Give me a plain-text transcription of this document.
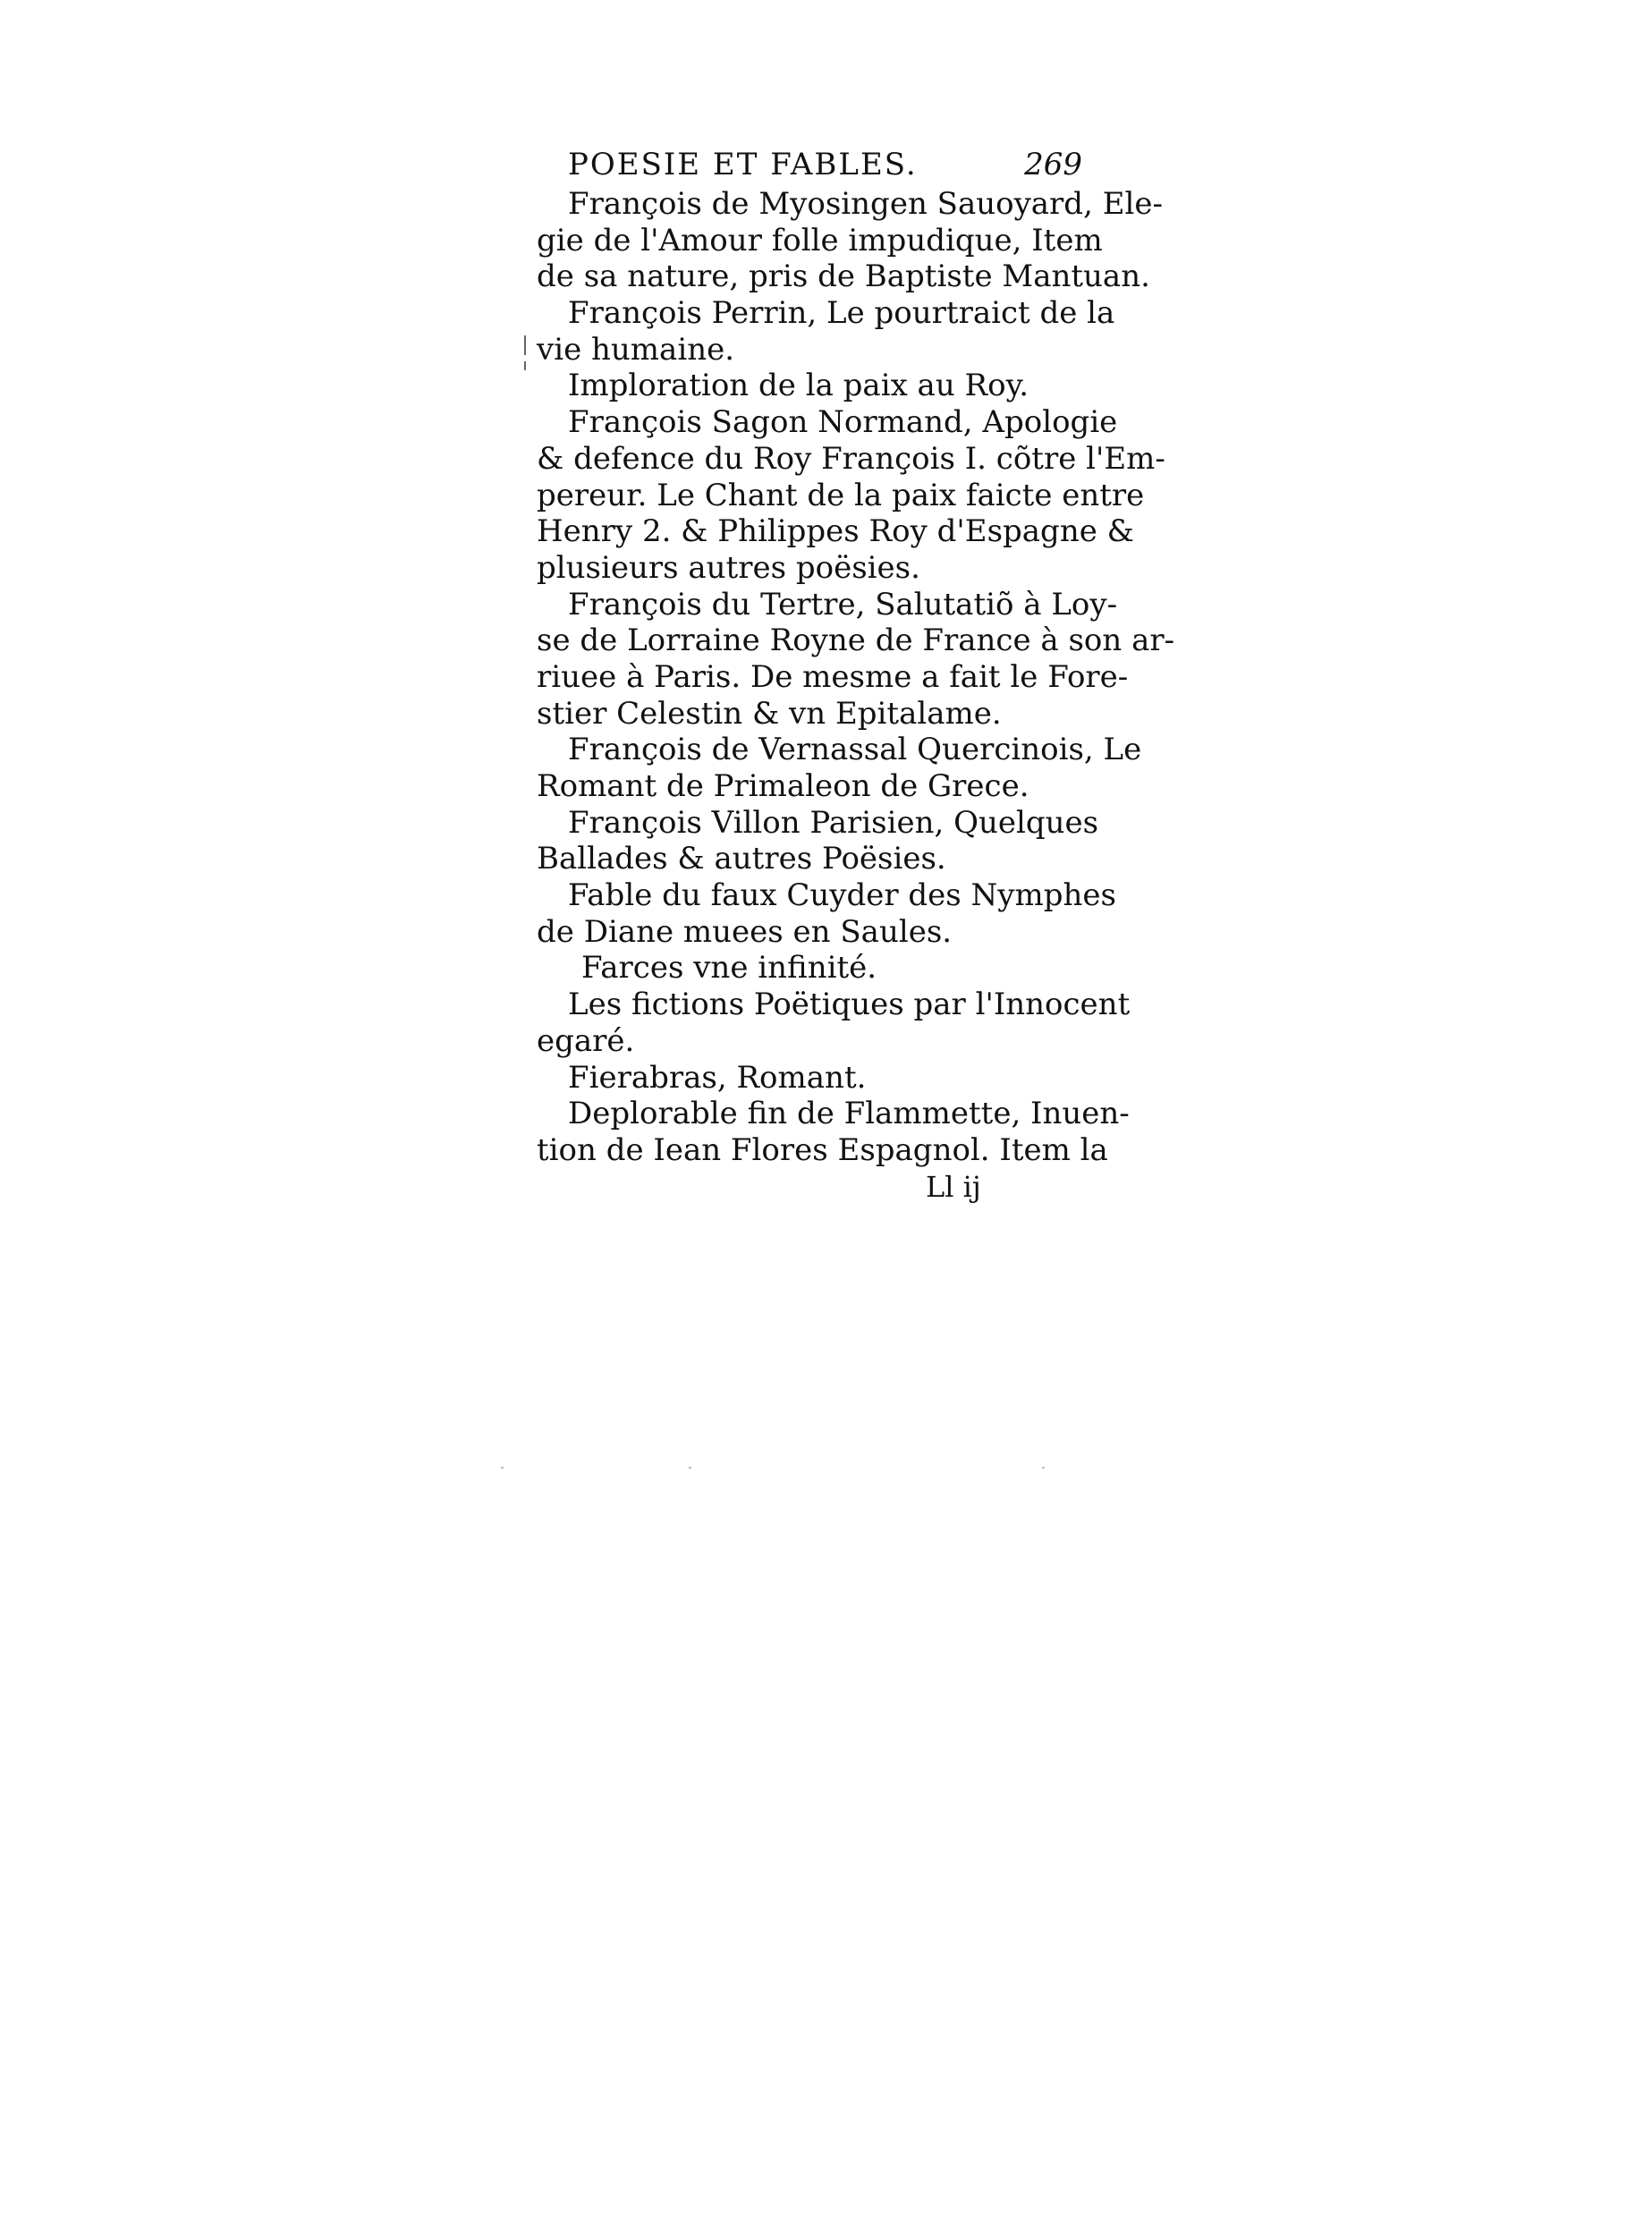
POESIE ET FABLES.	269
François de Myosingen Sauoyard, Ele-
gie de l'Amour folle impudique, Item
de sa nature, pris de Baptiste Mantuan.
François Perrin, Le pourtraict de la
vie humaine.
Imploration de la paix au Roy.
François Sagon Normand, Apologie
& defence du Roy François I. cõtre l'Em-
pereur. Le Chant de la paix faicte entre
Henry 2. & Philippes Roy d'Espagne &
plusieurs autres poësies.
François du Tertre, Salutatiõ à Loy-
se de Lorraine Royne de France à son ar-
riuee à Paris. De mesme a fait le Fore-
stier Celestin & vn Epitalame.
François de Vernassal Quercinois, Le
Romant de Primaleon de Grece.
François Villon Parisien, Quelques
Ballades & autres Poësies.
Fable du faux Cuyder des Nymphes
de Diane muees en Saules.
Farces vne infinité.
Les fictions Poëtiques par l'Innocent
egaré.
Fierabras, Romant.
Deplorable fin de Flammette, Inuen-
tion de Iean Flores Espagnol. Item la
Ll ij
